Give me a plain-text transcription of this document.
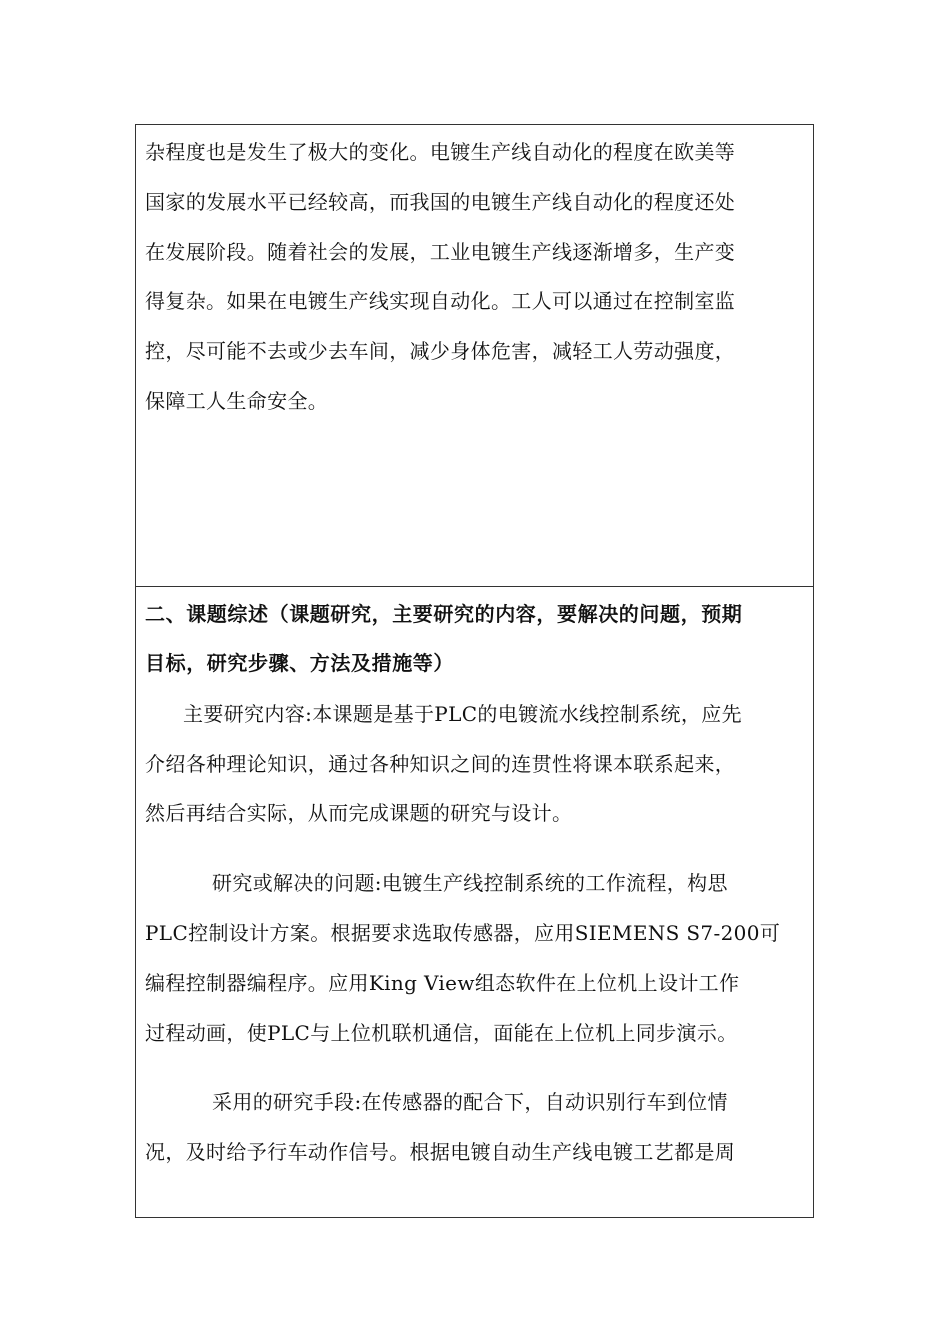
杂程度也是发生了极大的变化。电镀生产线自动化的程度在欧美等
国家的发展水平已经较高，而我国的电镀生产线自动化的程度还处
在发展阶段。随着社会的发展，工业电镀生产线逐渐增多，生产变
得复杂。如果在电镀生产线实现自动化。工人可以通过在控制室监
控，尽可能不去或少去车间，减少身体危害，减轻工人劳动强度，
保障工人生命安全。
二、课题综述（课题研究，主要研究的内容，要解决的问题，预期
目标，研究步骤、方法及措施等）
主要研究内容:本课题是基于PLC的电镀流水线控制系统，应先
介绍各种理论知识，通过各种知识之间的连贯性将课本联系起来，
然后再结合实际，从而完成课题的研究与设计。
研究或解决的问题:电镀生产线控制系统的工作流程，构思
PLC控制设计方案。根据要求选取传感器，应用SIEMENS S7-200可
编程控制器编程序。应用King View组态软件在上位机上设计工作
过程动画，使PLC与上位机联机通信，面能在上位机上同步演示。
采用的研究手段:在传感器的配合下，自动识别行车到位情
况，及时给予行车动作信号。根据电镀自动生产线电镀工艺都是周
